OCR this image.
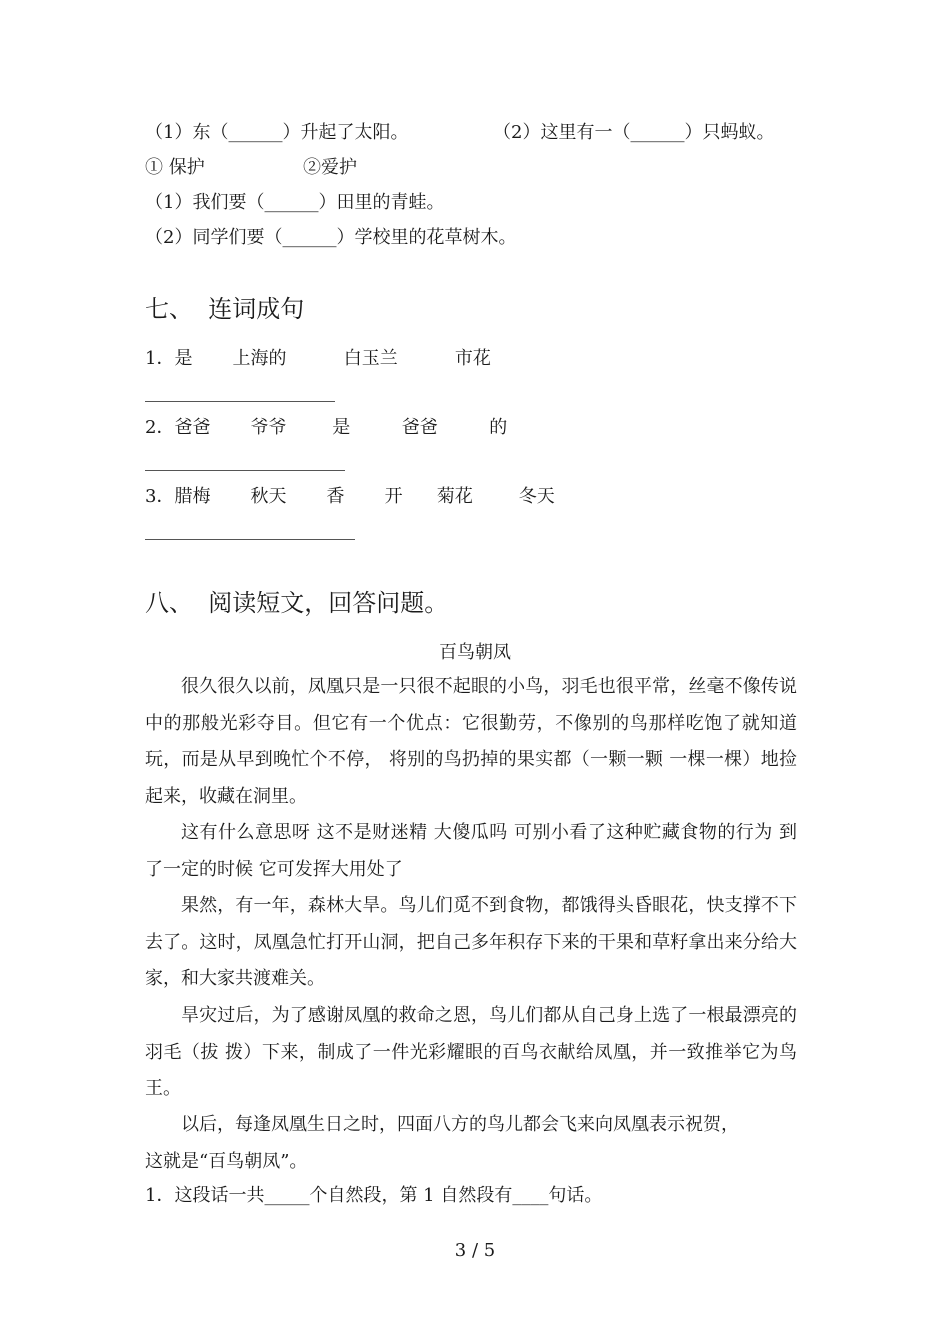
（1）东（______）升起了太阳。	（2）这里有一（______）只蚂蚁。
① 保护	②爱护
（1）我们要（______）田里的青蛙。
（2）同学们要（______）学校里的花草树木。
七、  连词成句
1．是       上海的          白玉兰          市花
2．爸爸       爷爷        是         爸爸         的
3．腊梅       秋天       香       开      菊花        冬天
八、  阅读短文，回答问题。
百鸟朝凤
很久很久以前，凤凰只是一只很不起眼的小鸟，羽毛也很平常，丝毫不像传说中的那般光彩夺目。但它有一个优点：它很勤劳，不像别的鸟那样吃饱了就知道玩，而是从早到晚忙个不停， 将别的鸟扔掉的果实都（一颗一颗 一棵一棵）地捡起来，收藏在洞里。
这有什么意思呀 这不是财迷精 大傻瓜吗 可别小看了这种贮藏食物的行为 到了一定的时候 它可发挥大用处了
果然，有一年，森林大旱。鸟儿们觅不到食物，都饿得头昏眼花，快支撑不下去了。这时，凤凰急忙打开山洞，把自己多年积存下来的干果和草籽拿出来分给大家，和大家共渡难关。
旱灾过后，为了感谢凤凰的救命之恩，鸟儿们都从自己身上选了一根最漂亮的羽毛（拔 拨）下来，制成了一件光彩耀眼的百鸟衣献给凤凰，并一致推举它为鸟王。
以后，每逢凤凰生日之时，四面八方的鸟儿都会飞来向凤凰表示祝贺，
这就是“百鸟朝凤”。
1．这段话一共_____个自然段，第 1 自然段有____句话。
3 / 5
